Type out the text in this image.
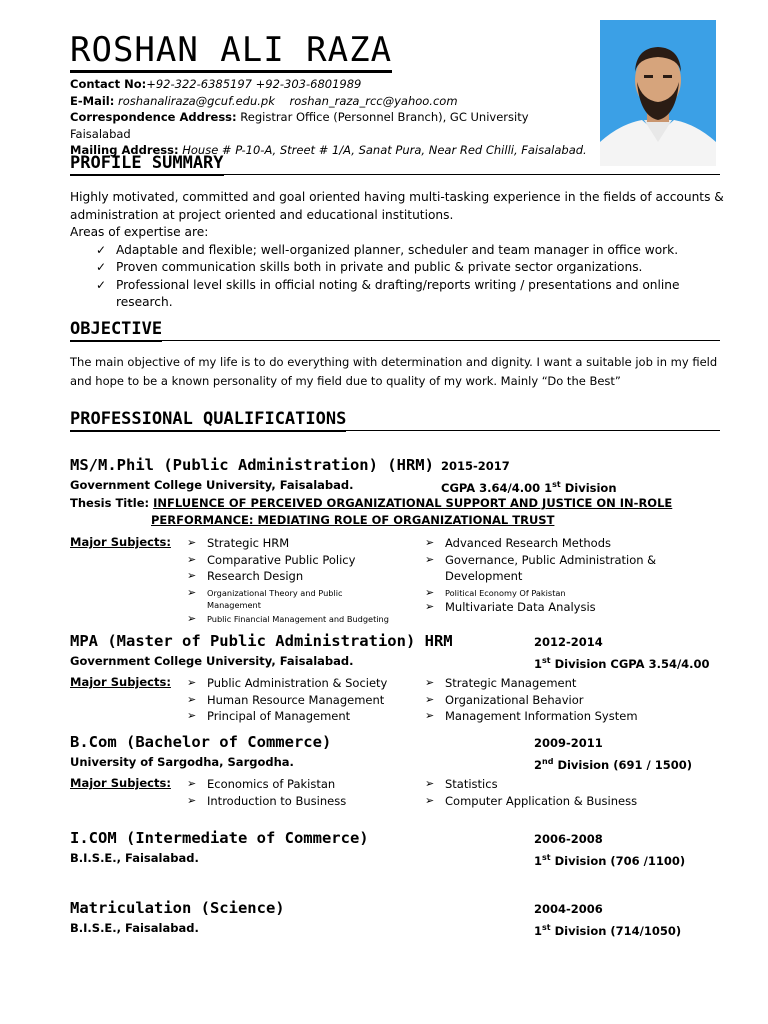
ROSHAN ALI RAZA
Contact No:+92-322-6385197 +92-303-6801989
E-Mail: roshanaliraza@gcuf.edu.pk roshan_raza_rcc@yahoo.com
Correspondence Address: Registrar Office (Personnel Branch), GC University Faisalabad
Mailing Address: House # P-10-A, Street # 1/A, Sanat Pura, Near Red Chilli, Faisalabad.
PROFILE SUMMARY
Highly motivated, committed and goal oriented having multi-tasking experience in the fields of accounts & administration at project oriented and educational institutions.
Areas of expertise are:
✓ Adaptable and flexible; well-organized planner, scheduler and team manager in office work.
✓ Proven communication skills both in private and public & private sector organizations.
✓ Professional level skills in official noting & drafting/reports writing / presentations and online research.
OBJECTIVE
The main objective of my life is to do everything with determination and dignity. I want a suitable job in my field and hope to be a known personality of my field due to quality of my work. Mainly “Do the Best”
PROFESSIONAL QUALIFICATIONS
MS/M.Phil (Public Administration) (HRM) 2015-2017
Government College University, Faisalabad.	CGPA 3.64/4.00 1st Division
Thesis Title: INFLUENCE OF PERCEIVED ORGANIZATIONAL SUPPORT AND JUSTICE ON IN-ROLE
PERFORMANCE: MEDIATING ROLE OF ORGANIZATIONAL TRUST
Major Subjects:	➢ Strategic HRM
➢ Comparative Public Policy
➢ Research Design
➢ Organizational Theory and Public Management
➢ Public Financial Management and Budgeting
➢ Advanced Research Methods
➢ Governance, Public Administration & Development
➢ Political Economy Of Pakistan
➢ Multivariate Data Analysis
MPA (Master of Public Administration) HRM	2012-2014
Government College University, Faisalabad.	1st Division CGPA 3.54/4.00
Major Subjects:	➢ Public Administration & Society
➢ Human Resource Management
➢ Principal of Management
➢ Strategic Management
➢ Organizational Behavior
➢ Management Information System
B.Com (Bachelor of Commerce)	2009-2011
University of Sargodha, Sargodha.	2nd Division (691 / 1500)
Major Subjects:	➢ Economics of Pakistan
➢ Introduction to Business
➢ Statistics
➢ Computer Application & Business
I.COM (Intermediate of Commerce)	2006-2008
B.I.S.E., Faisalabad.	1st Division (706 /1100)
Matriculation (Science)	2004-2006
B.I.S.E., Faisalabad.	1st Division (714/1050)
